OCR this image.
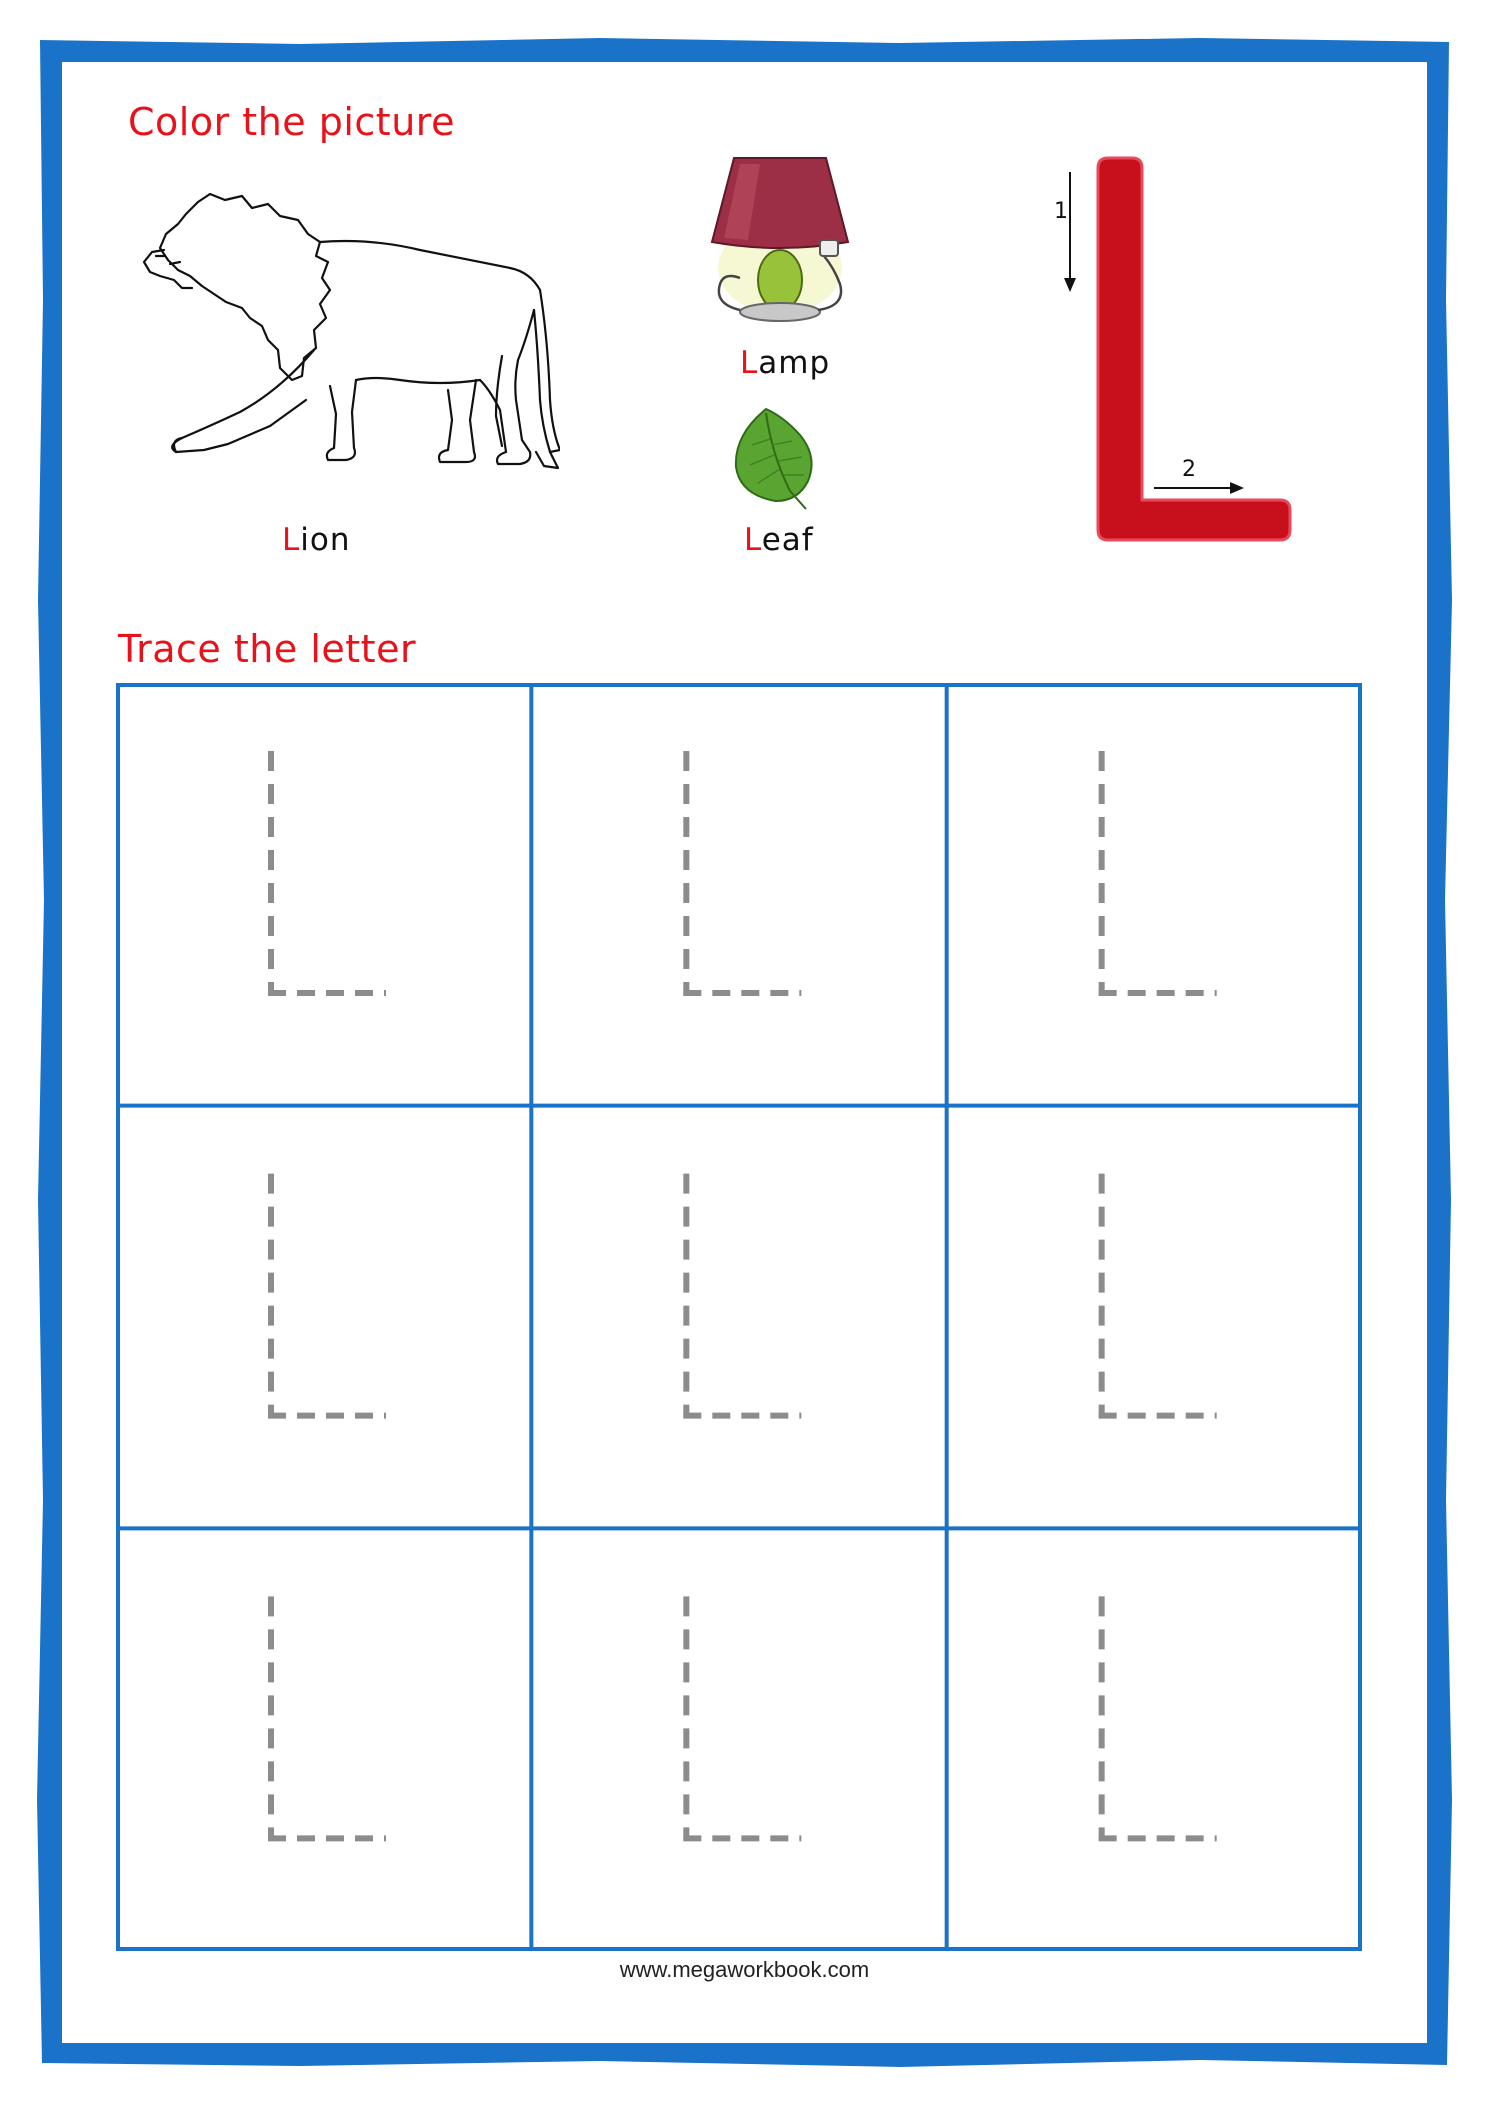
Color the picture
Lion
Lamp
Leaf
1
2
Trace the letter
www.megaworkbook.com
